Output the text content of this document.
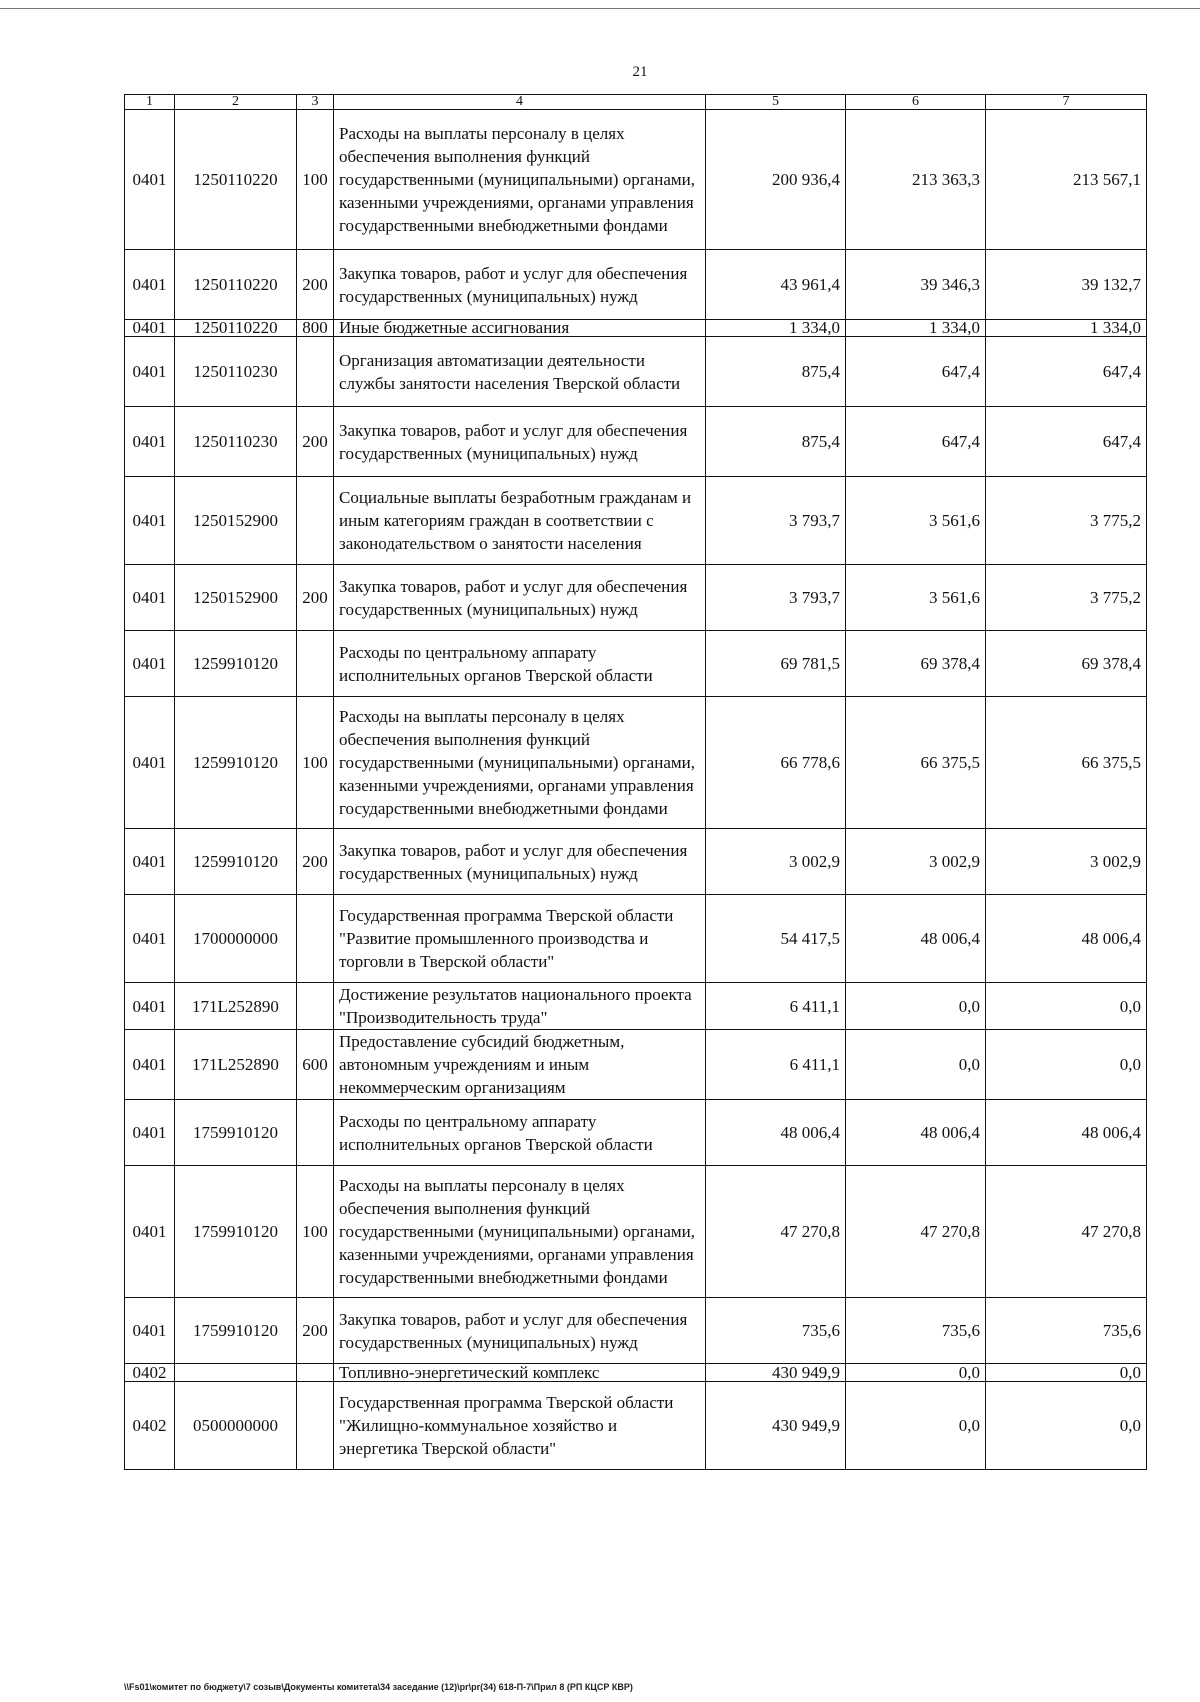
21
1	2	3	4	5	6	7
0401	1250110220	100	Расходы на выплаты персоналу в целях обеспечения выполнения функций государственными (муниципальными) органами, казенными учреждениями, органами управления государственными внебюджетными фондами	200 936,4	213 363,3	213 567,1
0401	1250110220	200	Закупка товаров, работ и услуг для обеспечения государственных (муниципальных) нужд	43 961,4	39 346,3	39 132,7
0401	1250110220	800	Иные бюджетные ассигнования	1 334,0	1 334,0	1 334,0
0401	1250110230		Организация автоматизации деятельности службы занятости населения Тверской области	875,4	647,4	647,4
0401	1250110230	200	Закупка товаров, работ и услуг для обеспечения государственных (муниципальных) нужд	875,4	647,4	647,4
0401	1250152900		Социальные выплаты безработным гражданам и иным категориям граждан в соответствии с законодательством о занятости населения	3 793,7	3 561,6	3 775,2
0401	1250152900	200	Закупка товаров, работ и услуг для обеспечения государственных (муниципальных) нужд	3 793,7	3 561,6	3 775,2
0401	1259910120		Расходы по центральному аппарату исполнительных органов Тверской области	69 781,5	69 378,4	69 378,4
0401	1259910120	100	Расходы на выплаты персоналу в целях обеспечения выполнения функций государственными (муниципальными) органами, казенными учреждениями, органами управления государственными внебюджетными фондами	66 778,6	66 375,5	66 375,5
0401	1259910120	200	Закупка товаров, работ и услуг для обеспечения государственных (муниципальных) нужд	3 002,9	3 002,9	3 002,9
0401	1700000000		Государственная программа Тверской области "Развитие промышленного производства и торговли в Тверской области"	54 417,5	48 006,4	48 006,4
0401	171L252890		Достижение результатов национального проекта "Производительность труда"	6 411,1	0,0	0,0
0401	171L252890	600	Предоставление субсидий бюджетным, автономным учреждениям и иным некоммерческим организациям	6 411,1	0,0	0,0
0401	1759910120		Расходы по центральному аппарату исполнительных органов Тверской области	48 006,4	48 006,4	48 006,4
0401	1759910120	100	Расходы на выплаты персоналу в целях обеспечения выполнения функций государственными (муниципальными) органами, казенными учреждениями, органами управления государственными внебюджетными фондами	47 270,8	47 270,8	47 270,8
0401	1759910120	200	Закупка товаров, работ и услуг для обеспечения государственных (муниципальных) нужд	735,6	735,6	735,6
0402			Топливно-энергетический комплекс	430 949,9	0,0	0,0
0402	0500000000		Государственная программа Тверской области "Жилищно-коммунальное хозяйство и энергетика Тверской области"	430 949,9	0,0	0,0
\\Fs01\комитет по бюджету\7 созыв\Документы комитета\34 заседание (12)\pr\pr(34) 618-П-7\Прил 8 (РП КЦСР КВР)
